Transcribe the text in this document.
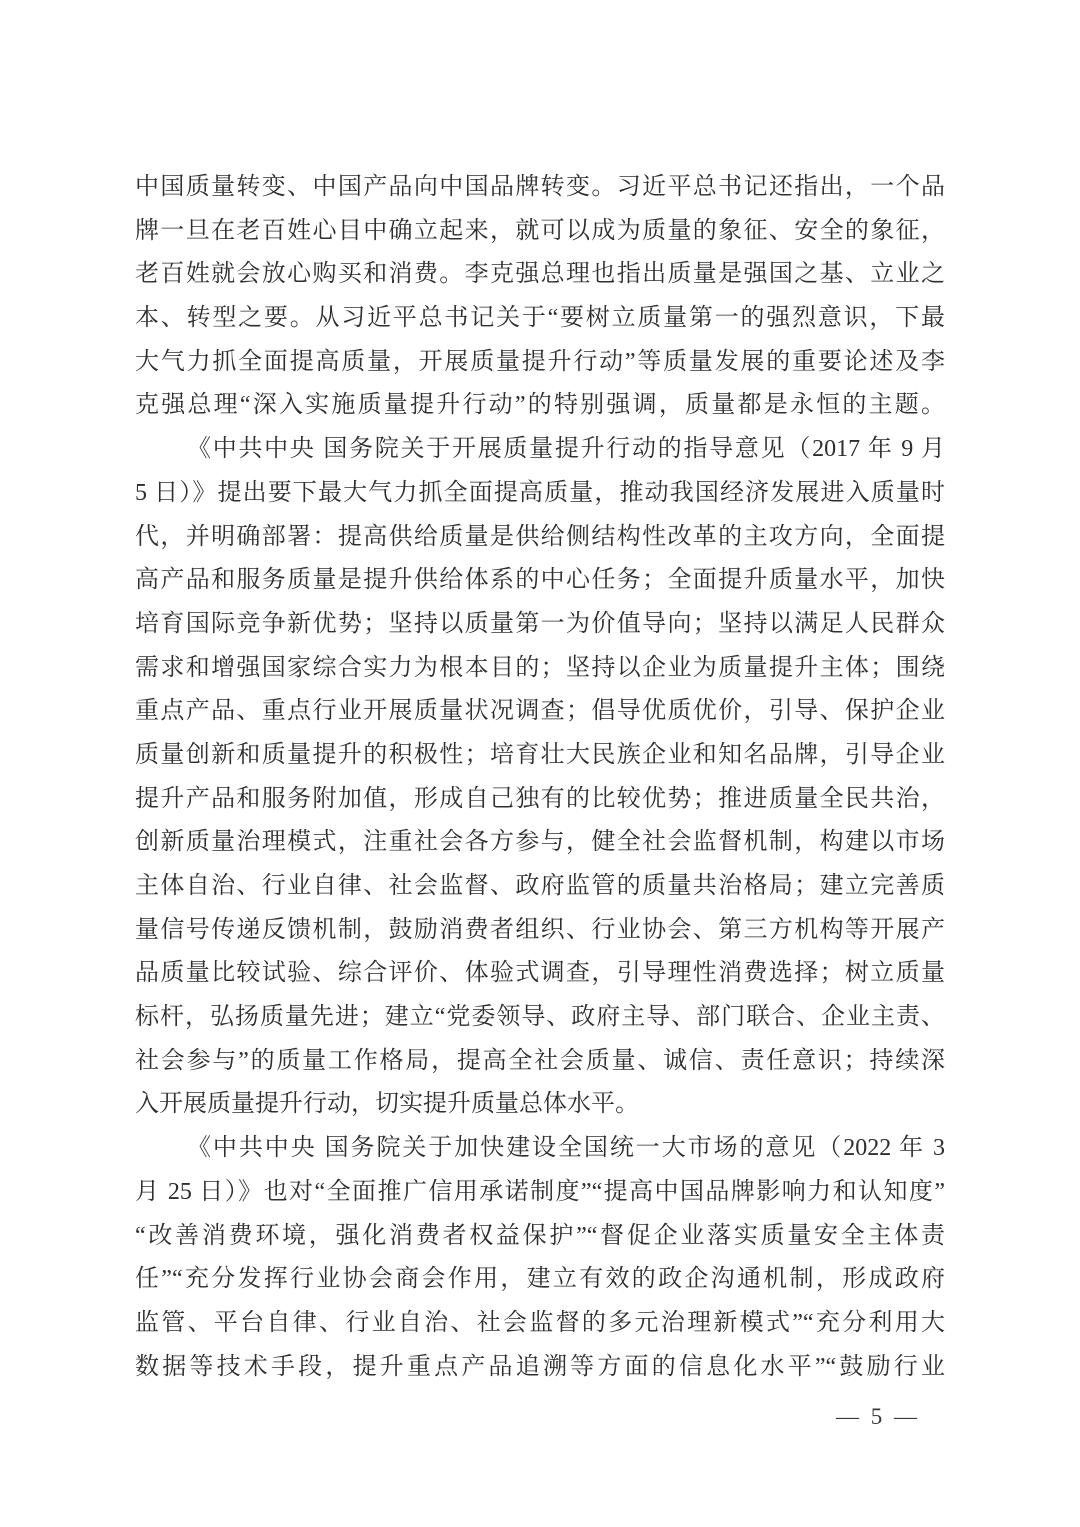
中国质量转变、中国产品向中国品牌转变。习近平总书记还指出，一个品
牌一旦在老百姓心目中确立起来，就可以成为质量的象征、安全的象征，
老百姓就会放心购买和消费。李克强总理也指出质量是强国之基、立业之
本、转型之要。从习近平总书记关于“要树立质量第一的强烈意识，下最
大气力抓全面提高质量，开展质量提升行动”等质量发展的重要论述及李
克强总理“深入实施质量提升行动”的特别强调，质量都是永恒的主题。
《中共中央 国务院关于开展质量提升行动的指导意见（2017 年 9 月
5 日）》提出要下最大气力抓全面提高质量，推动我国经济发展进入质量时
代，并明确部署：提高供给质量是供给侧结构性改革的主攻方向，全面提
高产品和服务质量是提升供给体系的中心任务；全面提升质量水平，加快
培育国际竞争新优势；坚持以质量第一为价值导向；坚持以满足人民群众
需求和增强国家综合实力为根本目的；坚持以企业为质量提升主体；围绕
重点产品、重点行业开展质量状况调查；倡导优质优价，引导、保护企业
质量创新和质量提升的积极性；培育壮大民族企业和知名品牌，引导企业
提升产品和服务附加值，形成自己独有的比较优势；推进质量全民共治，
创新质量治理模式，注重社会各方参与，健全社会监督机制，构建以市场
主体自治、行业自律、社会监督、政府监管的质量共治格局；建立完善质
量信号传递反馈机制，鼓励消费者组织、行业协会、第三方机构等开展产
品质量比较试验、综合评价、体验式调查，引导理性消费选择；树立质量
标杆，弘扬质量先进；建立“党委领导、政府主导、部门联合、企业主责、
社会参与”的质量工作格局，提高全社会质量、诚信、责任意识；持续深
入开展质量提升行动，切实提升质量总体水平。
《中共中央 国务院关于加快建设全国统一大市场的意见（2022 年 3
月 25 日）》也对“全面推广信用承诺制度”“提高中国品牌影响力和认知度”
“改善消费环境，强化消费者权益保护”“督促企业落实质量安全主体责
任”“充分发挥行业协会商会作用，建立有效的政企沟通机制，形成政府
监管、平台自律、行业自治、社会监督的多元治理新模式”“充分利用大
数据等技术手段，提升重点产品追溯等方面的信息化水平”“鼓励行业
— 5 —
